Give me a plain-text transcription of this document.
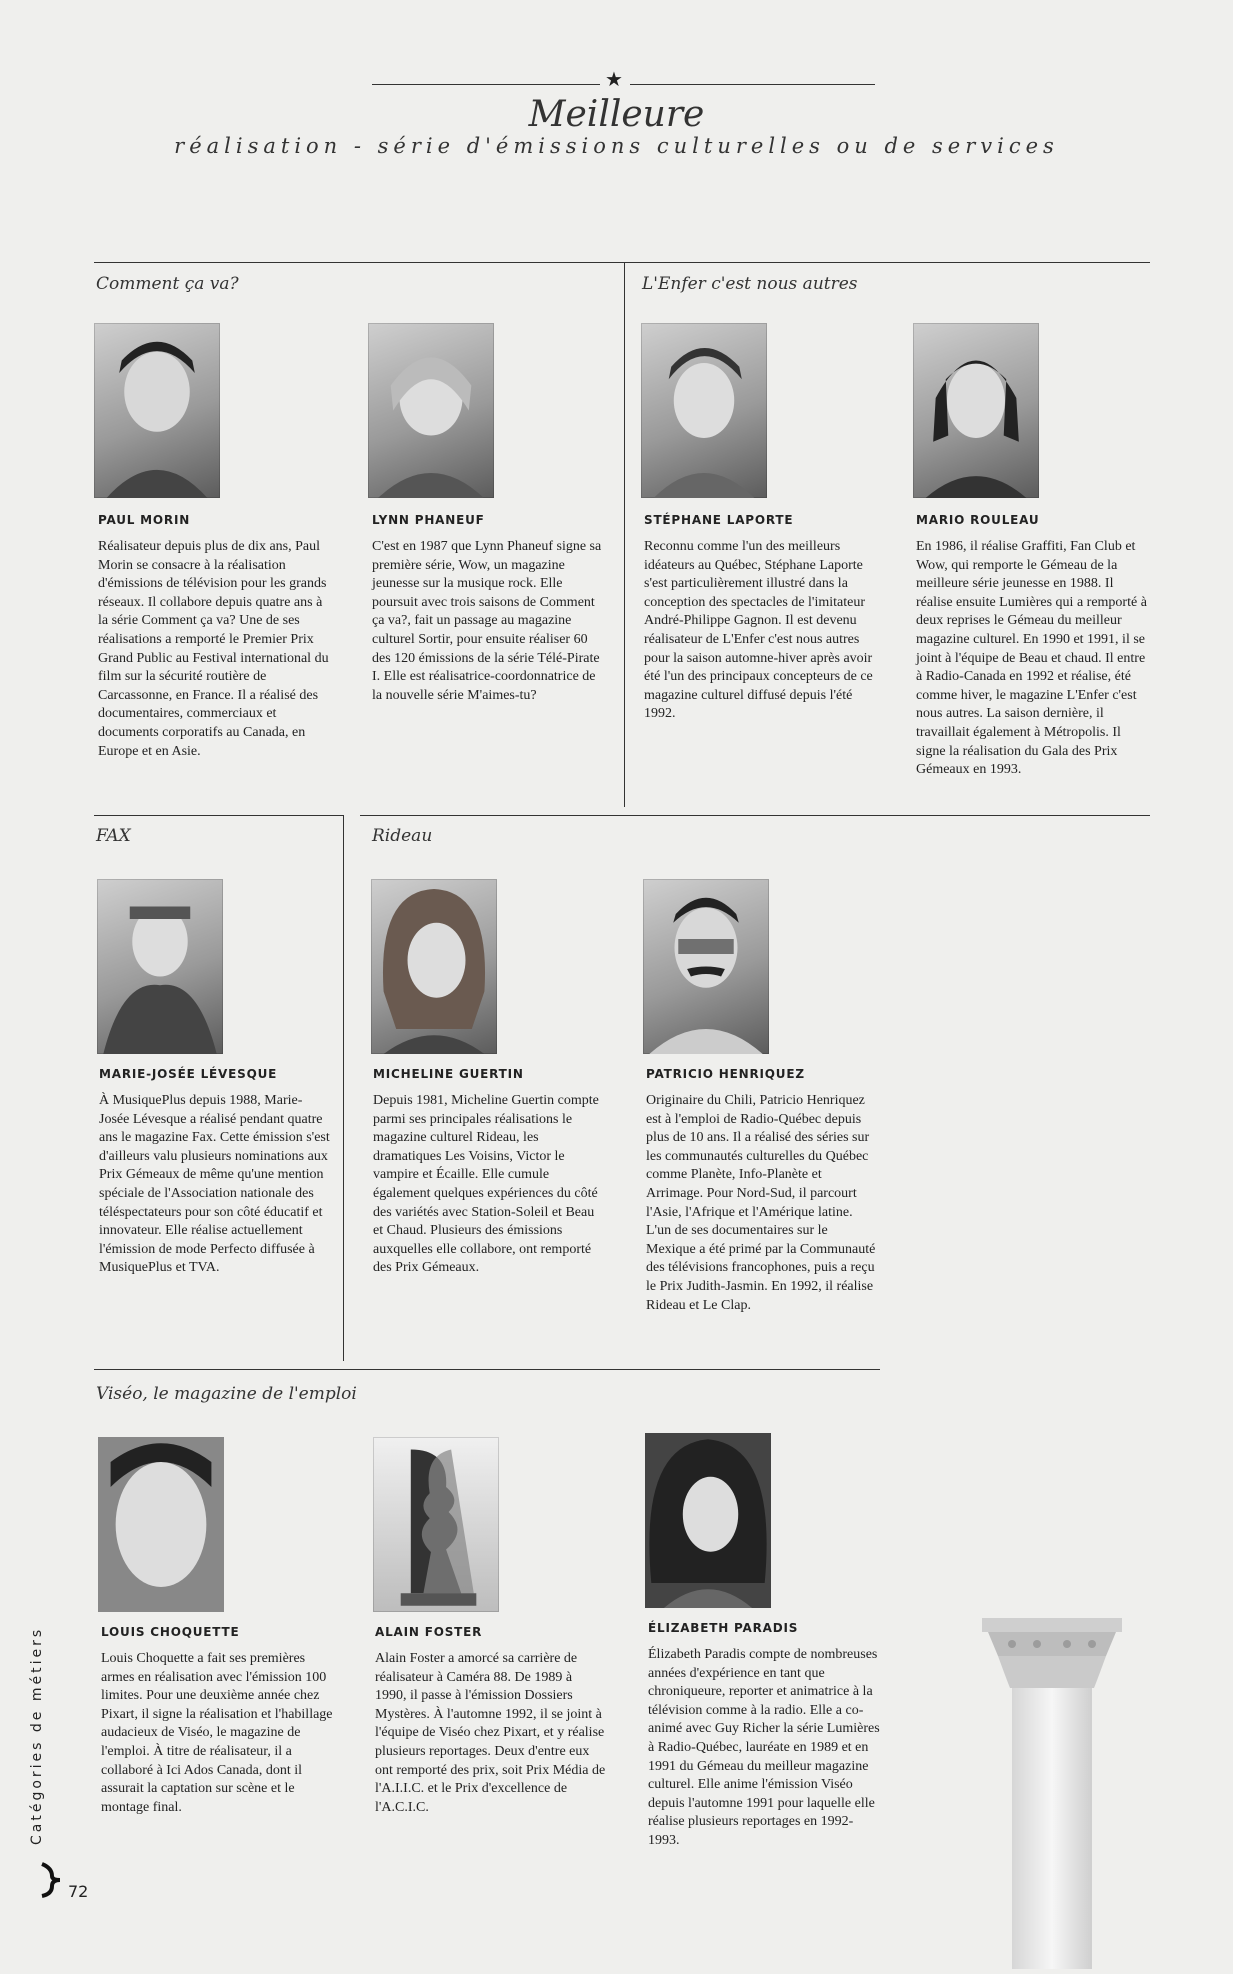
★
Meilleure
réalisation - série d'émissions culturelles ou de services
Comment ça va?	L'Enfer c'est nous autres
FAX	Rideau
Viséo, le magazine de l'emploi
PAUL MORIN
Réalisateur depuis plus de dix ans, Paul Morin se consacre à la réalisation d'émissions de télévision pour les grands réseaux. Il collabore depuis quatre ans à la série Comment ça va? Une de ses réalisations a remporté le Premier Prix Grand Public au Festival international du film sur la sécurité routière de Carcassonne, en France. Il a réalisé des documentaires, commerciaux et documents corporatifs au Canada, en Europe et en Asie.
LYNN PHANEUF
C'est en 1987 que Lynn Phaneuf signe sa première série, Wow, un magazine jeunesse sur la musique rock. Elle poursuit avec trois saisons de Comment ça va?, fait un passage au magazine culturel Sortir, pour ensuite réaliser 60 des 120 émissions de la série Télé-Pirate I. Elle est réalisatrice-coordonnatrice de la nouvelle série M'aimes-tu?
STÉPHANE LAPORTE
Reconnu comme l'un des meilleurs idéateurs au Québec, Stéphane Laporte s'est particulièrement illustré dans la conception des spectacles de l'imitateur André-Philippe Gagnon. Il est devenu réalisateur de L'Enfer c'est nous autres pour la saison automne-hiver après avoir été l'un des principaux concepteurs de ce magazine culturel diffusé depuis l'été 1992.
MARIO ROULEAU
En 1986, il réalise Graffiti, Fan Club et Wow, qui remporte le Gémeau de la meilleure série jeunesse en 1988. Il réalise ensuite Lumières qui a remporté à deux reprises le Gémeau du meilleur magazine culturel. En 1990 et 1991, il se joint à l'équipe de Beau et chaud. Il entre à Radio-Canada en 1992 et réalise, été comme hiver, le magazine L'Enfer c'est nous autres. La saison dernière, il travaillait également à Métropolis. Il signe la réalisation du Gala des Prix Gémeaux en 1993.
MARIE-JOSÉE LÉVESQUE
À MusiquePlus depuis 1988, Marie-Josée Lévesque a réalisé pendant quatre ans le magazine Fax. Cette émission s'est d'ailleurs valu plusieurs nominations aux Prix Gémeaux de même qu'une mention spéciale de l'Association nationale des téléspectateurs pour son côté éducatif et innovateur. Elle réalise actuellement l'émission de mode Perfecto diffusée à MusiquePlus et TVA.
MICHELINE GUERTIN
Depuis 1981, Micheline Guertin compte parmi ses principales réalisations le magazine culturel Rideau, les dramatiques Les Voisins, Victor le vampire et Écaille. Elle cumule également quelques expériences du côté des variétés avec Station-Soleil et Beau et Chaud. Plusieurs des émissions auxquelles elle collabore, ont remporté des Prix Gémeaux.
PATRICIO HENRIQUEZ
Originaire du Chili, Patricio Henriquez est à l'emploi de Radio-Québec depuis plus de 10 ans. Il a réalisé des séries sur les communautés culturelles du Québec comme Planète, Info-Planète et Arrimage. Pour Nord-Sud, il parcourt l'Asie, l'Afrique et l'Amérique latine. L'un de ses documentaires sur le Mexique a été primé par la Communauté des télévisions francophones, puis a reçu le Prix Judith-Jasmin. En 1992, il réalise Rideau et Le Clap.
LOUIS CHOQUETTE
Louis Choquette a fait ses premières armes en réalisation avec l'émission 100 limites. Pour une deuxième année chez Pixart, il signe la réalisation et l'habillage audacieux de Viséo, le magazine de l'emploi. À titre de réalisateur, il a collaboré à Ici Ados Canada, dont il assurait la captation sur scène et le montage final.
ALAIN FOSTER
Alain Foster a amorcé sa carrière de réalisateur à Caméra 88. De 1989 à 1990, il passe à l'émission Dossiers Mystères. À l'automne 1992, il se joint à l'équipe de Viséo chez Pixart, et y réalise plusieurs reportages. Deux d'entre eux ont remporté des prix, soit Prix Média de l'A.I.I.C. et le Prix d'excellence de l'A.C.I.C.
ÉLIZABETH PARADIS
Élizabeth Paradis compte de nombreuses années d'expérience en tant que chroniqueure, reporter et animatrice à la télévision comme à la radio. Elle a co-animé avec Guy Richer la série Lumières à Radio-Québec, lauréate en 1989 et en 1991 du Gémeau du meilleur magazine culturel. Elle anime l'émission Viséo depuis l'automne 1991 pour laquelle elle réalise plusieurs reportages en 1992-1993.
Catégories de métiers
72
